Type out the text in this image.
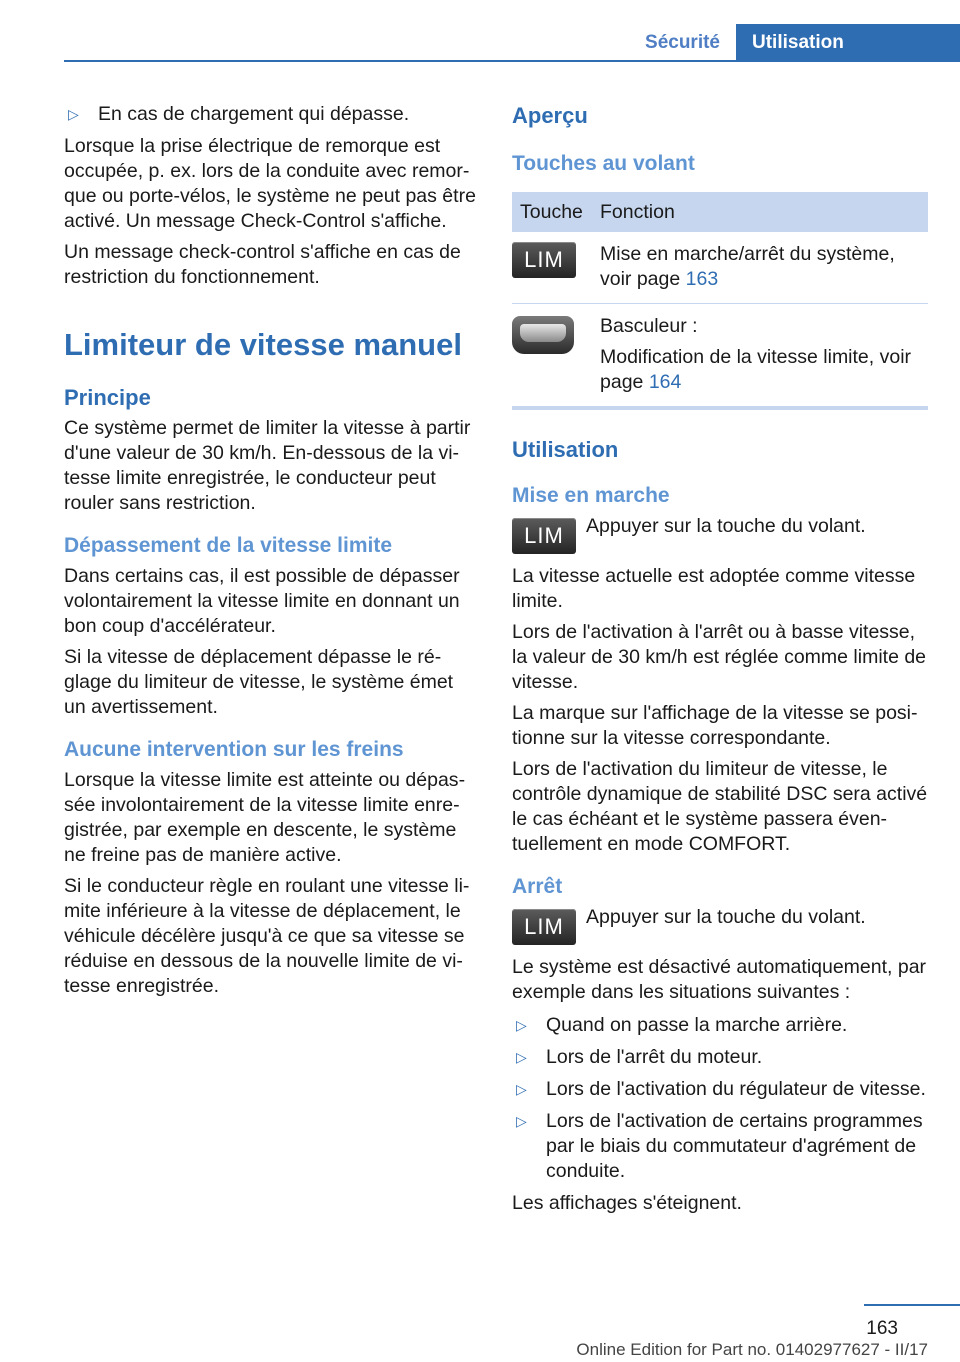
Sécurité	Utilisation
▷ En cas de chargement qui dépasse.

Lorsque la prise électrique de remorque est occupée, p. ex. lors de la conduite avec remorque ou porte-vélos, le système ne peut pas être activé. Un message Check-Control s'affiche.

Un message check-control s'affiche en cas de restriction du fonctionnement.

Limiteur de vitesse manuel
Principe

Ce système permet de limiter la vitesse à partir d'une valeur de 30 km/h. En-dessous de la vitesse limite enregistrée, le conducteur peut rouler sans restriction.

Dépassement de la vitesse limite

Dans certains cas, il est possible de dépasser volontairement la vitesse limite en donnant un bon coup d'accélérateur.

Si la vitesse de déplacement dépasse le réglage du limiteur de vitesse, le système émet un avertissement.

Aucune intervention sur les freins

Lorsque la vitesse limite est atteinte ou dépassée involontairement de la vitesse limite enregistrée, par exemple en descente, le système ne freine pas de manière active.

Si le conducteur règle en roulant une vitesse limite inférieure à la vitesse de déplacement, le véhicule décélère jusqu'à ce que sa vitesse se réduise en dessous de la nouvelle limite de vitesse enregistrée.

Aperçu
Touches au volant
Touche Fonction
LIM	Mise en marche/arrêt du système, voir page 163

Basculeur :

Modification de la vitesse limite, voir page 164
Utilisation
Mise en marche
LIM	Appuyer sur la touche du volant.

La vitesse actuelle est adoptée comme vitesse limite.

Lors de l'activation à l'arrêt ou à basse vitesse, la valeur de 30 km/h est réglée comme limite de vitesse.

La marque sur l'affichage de la vitesse se positionne sur la vitesse correspondante.

Lors de l'activation du limiteur de vitesse, le contrôle dynamique de stabilité DSC sera activé le cas échéant et le système passera éventuellement en mode COMFORT.

Arrêt
LIM	Appuyer sur la touche du volant.

Le système est désactivé automatiquement, par exemple dans les situations suivantes :

▷ Quand on passe la marche arrière.
▷ Lors de l'arrêt du moteur.
▷ Lors de l'activation du régulateur de vitesse.
▷ Lors de l'activation de certains programmes par le biais du commutateur d'agrément de conduite.

Les affichages s'éteignent.

163
Online Edition for Part no. 01402977627 - II/17
